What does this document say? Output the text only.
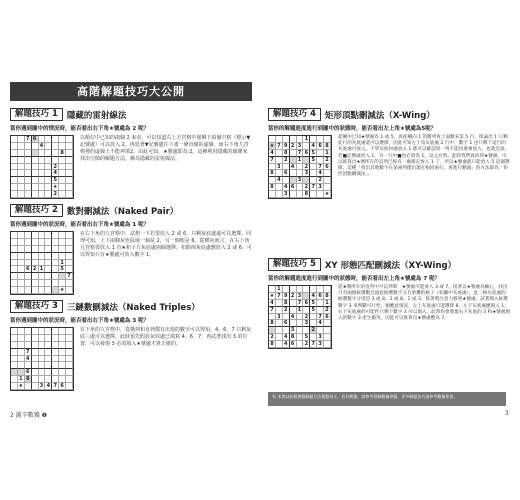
高階解題技巧大公開
解題技巧 1	隱藏的雷射線法
當你遇到圖中的情況時，能否看出右下角★號處為 2 呢？
7 6
4
8
2
4
5
★
2
以顏位中已知的兩個 2 來看，可以知道右上方宮格中僅剩下兩個空格（標示▼記號處）可以放入 2。再延著▼記號處往下畫一條直線的虛線，而右下角九宮格裡的虛線上不能再填2，由此可知，★號處即為 2。這種利用隱藏的線條來找出空隙的解題方法，稱為隱藏的雷射線法。
解題技巧 2	數對刪減法（Naked Pair）
當你遇到圖中的狀況時，能否看出右下角★號處為 1 呢？
1
6 2 1	5
7
★
在右下角的九宮格中，試想一下若要放入 2 或 6，只剩灰底處還可以選擇。同理可知，上下兩個灰色區域一個是 2，另一個便是 6。從横向而言，在右下角九宮格要放入 1 有★和下方灰底處兩個選擇，扣除掉灰底處應放入 2 或 6，可以得知只有★號處可放入數字 1。
解題技巧 3	三鏈數刪減法（Naked Triples）
當你遇到圖中的狀況時，能否看出右下角★號處為 3 呢？
7
4
6
1 8
★	3 4 7 6
在下角的九宮格中，從橫列和直列都有出現的數字可以得知，4、6、7 只剩灰底三處可以選擇，此時預先假設灰底處已填寫 4、6、7，再試著找出 3 的位置，可以發現 3 必須填入★號處才算正確的。
解題技巧 4	矩形頂點刪減法（X-Wing）
當你的解題進度進行到圖中的狀態時，能否看出左上角★號處為5呢？
1
★ 7 9 2 3	4 6 8
4	8	7 6 5	1
7	2	1	5	2
3	4	2	7 6
8	6	3	4
4	3	2
8	4 6	2 7 3
3	8	★
從圖中已知★號處為 1 或 5，再從橫向 1 的數列看上面數來第 5 行，推論出 1 只剩此行的灰底處還可以選擇，因此可知左上角灰底處 2 行中，數字 1 也只剩下這行的灰底處可放入。不管灰底何處放入 1 都可以確認同一列不能再重複放入，也就是說，若■記號處放入 1，另一行中■也必須為 1，反之亦然。此時我們再回到★號處，可以推算出★號所在的直列已經有一處確定放入 1 了，所以★號處就只能放入 5 這個選擇。這種「找出其他數字在某兩列僅出現在相同兩行，再進行刪減」的方法即為「矩形頂點刪減法」。
解題技巧 5	XY 形態匹配刪減法（XY-Wing）
當你的解題進度進行到圖中的狀態時，能否看出左上角★號處為 7 呢？
1
★ 7 9 2 3	4 6 8
4	8	7 6 5	1
7	2	1	5	2
3	4	2	7 6
8	6	3	4
3	2
2	4 8	5	3
8	4 6	2 7 3
從★號所在的直列中可以列舉，★號處可能放入 3 或 7。接著以★號處為軸心，找出只有兩個候選數且彼此候選數字又有重疊的格子（如圖中灰底處）。此三格灰底處的候選數字分別是 3 或 8、1 或 8、1 或 3。接著將注意力移到★號處，試著填入候選數字 3 來判斷可行性，順應此情況，左上灰底處只能選擇 8，左下灰底處應填入 1，右下灰底處的可能性只剩下數字 3 可以填入，此時你會發現右下灰底的 3 和★號處填入的數字 3 產生衝突，因此可以推算出★號處應為 7。
有 本書以前製書籍解題方法彙整為主，若有興趣，請參考相關數獨書籍，更多解題技巧請參考數獨專書。
2 激辛數獨 ❶	3
